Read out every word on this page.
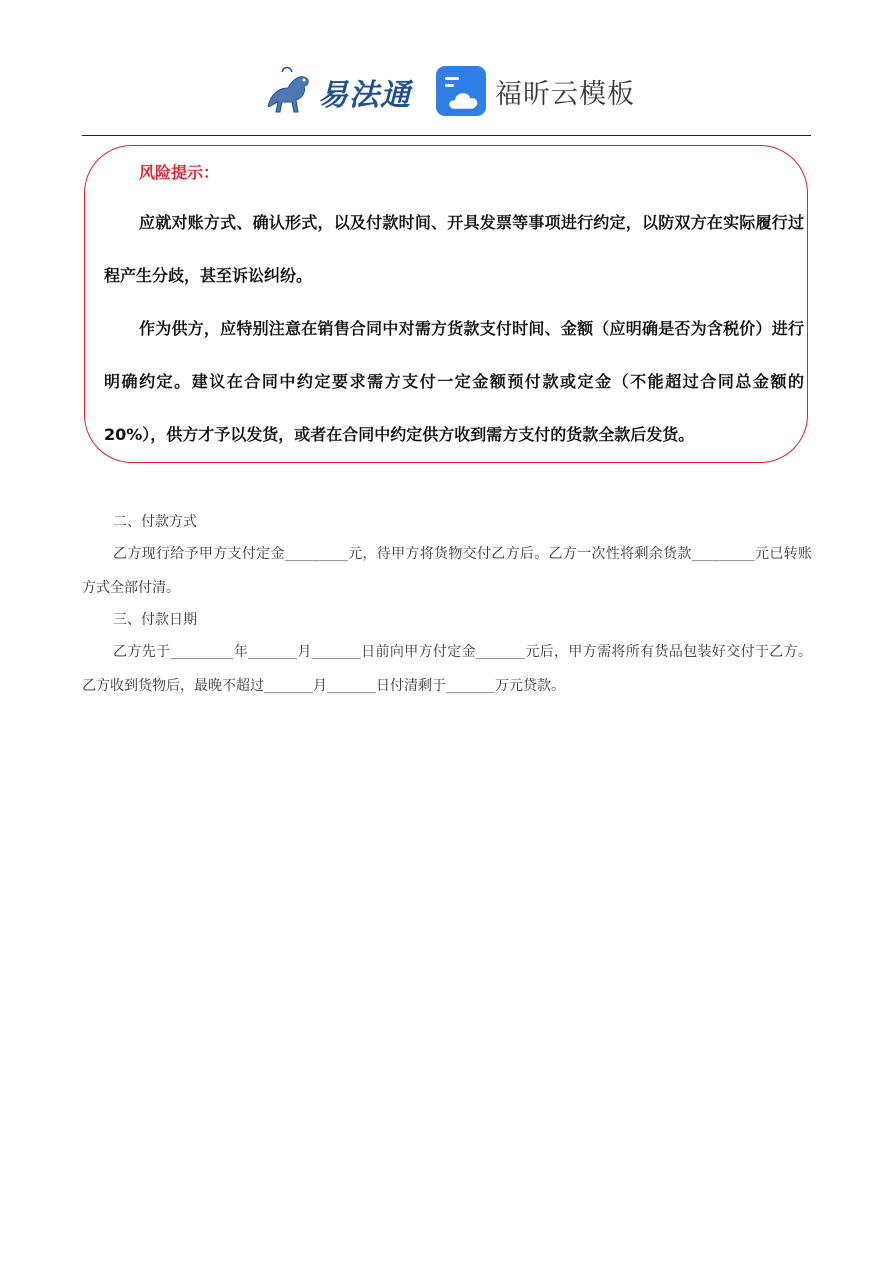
易法通	福昕云模板
风险提示：
应就对账方式、确认形式，以及付款时间、开具发票等事项进行约定，以防双方在实际履行过程产生分歧，甚至诉讼纠纷。
作为供方，应特别注意在销售合同中对需方货款支付时间、金额（应明确是否为含税价）进行明确约定。建议在合同中约定要求需方支付一定金额预付款或定金（不能超过合同总金额的 20%），供方才予以发货，或者在合同中约定供方收到需方支付的货款全款后发货。
二、付款方式
乙方现行给予甲方支付定金_________元，待甲方将货物交付乙方后。乙方一次性将剩余货款_________元已转账方式全部付清。
三、付款日期
乙方先于_________年_______月_______日前向甲方付定金_______元后，甲方需将所有货品包装好交付于乙方。乙方收到货物后，最晚不超过_______月_______日付清剩于_______万元贷款。
